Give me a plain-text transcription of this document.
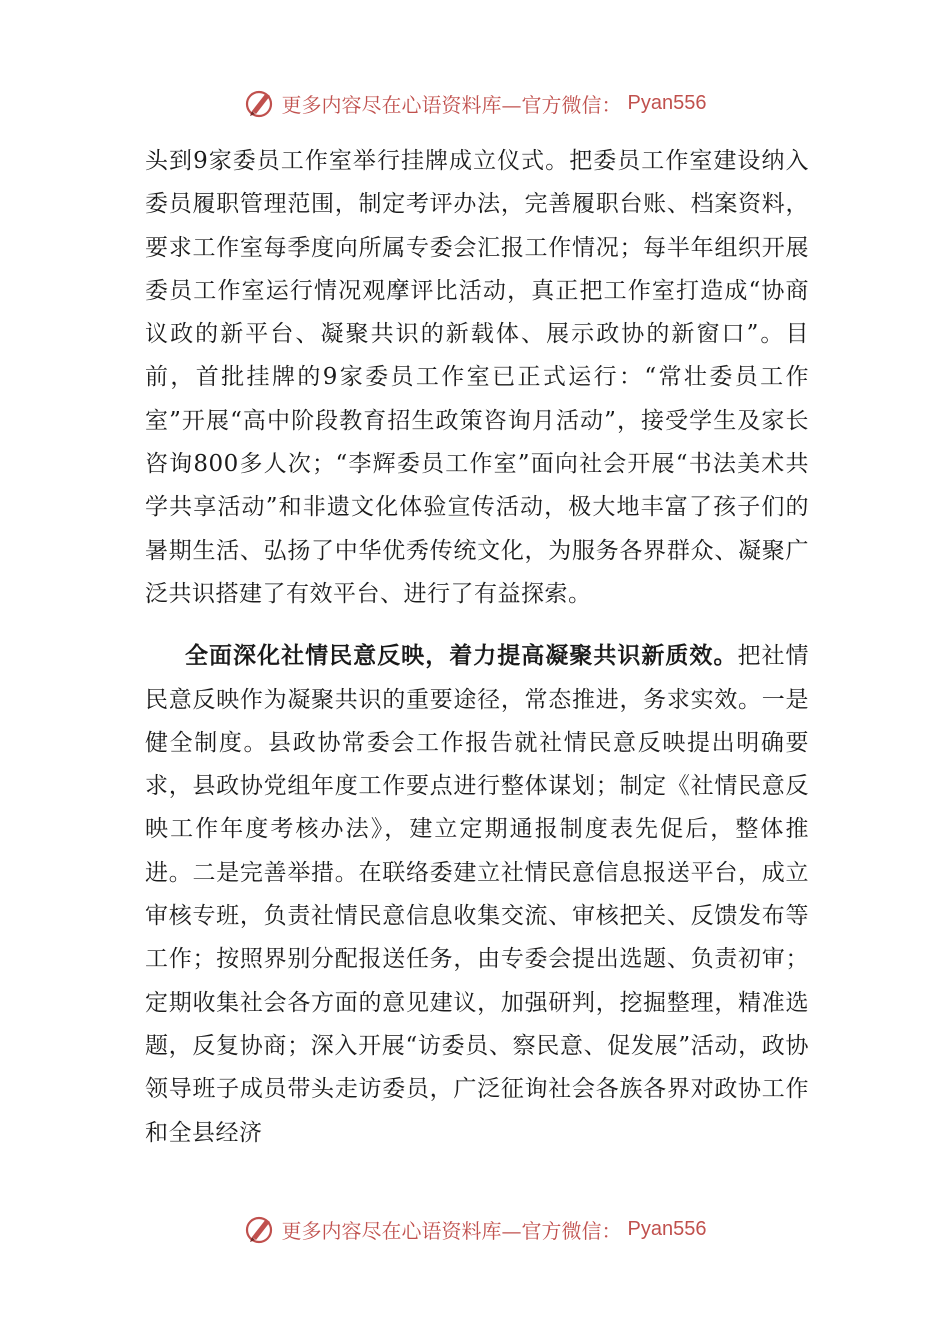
更多内容尽在心语资料库—官方微信： Pyan556

头到9家委员工作室举行挂牌成立仪式。把委员工作室建设纳入委员履职管理范围，制定考评办法，完善履职台账、档案资料，要求工作室每季度向所属专委会汇报工作情况；每半年组织开展委员工作室运行情况观摩评比活动，真正把工作室打造成“协商议政的新平台、凝聚共识的新载体、展示政协的新窗口”。目前，首批挂牌的9家委员工作室已正式运行：“常壮委员工作室”开展“高中阶段教育招生政策咨询月活动”，接受学生及家长咨询800多人次；“李辉委员工作室”面向社会开展“书法美术共学共享活动”和非遗文化体验宣传活动，极大地丰富了孩子们的暑期生活、弘扬了中华优秀传统文化，为服务各界群众、凝聚广泛共识搭建了有效平台、进行了有益探索。

全面深化社情民意反映，着力提高凝聚共识新质效。把社情民意反映作为凝聚共识的重要途径，常态推进，务求实效。一是健全制度。县政协常委会工作报告就社情民意反映提出明确要求，县政协党组年度工作要点进行整体谋划；制定《社情民意反映工作年度考核办法》，建立定期通报制度表先促后，整体推进。二是完善举措。在联络委建立社情民意信息报送平台，成立审核专班，负责社情民意信息收集交流、审核把关、反馈发布等工作；按照界别分配报送任务，由专委会提出选题、负责初审；定期收集社会各方面的意见建议，加强研判，挖掘整理，精准选题，反复协商；深入开展“访委员、察民意、促发展”活动，政协领导班子成员带头走访委员，广泛征询社会各族各界对政协工作和全县经济

更多内容尽在心语资料库—官方微信： Pyan556
